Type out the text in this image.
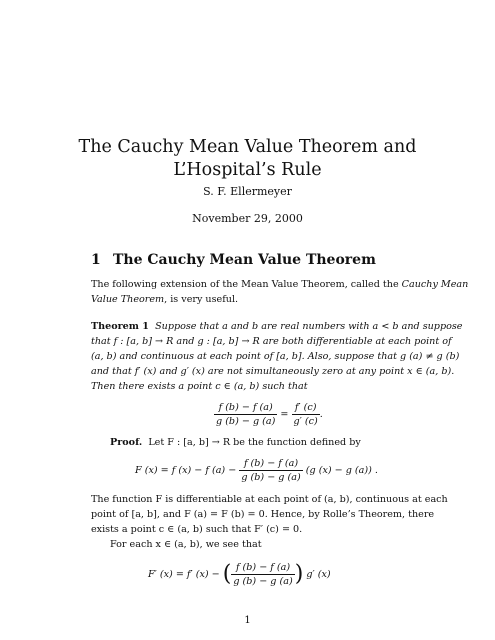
The Cauchy Mean Value Theorem and
L’Hospital’s Rule
S. F. Ellermeyer
November 29, 2000
1 The Cauchy Mean Value Theorem
The following extension of the Mean Value Theorem, called the Cauchy Mean
Value Theorem, is very useful.
Theorem 1 Suppose that a and b are real numbers with a < b and suppose
that f : [a, b] → R and g : [a, b] → R are both differentiable at each point of
(a, b) and continuous at each point of [a, b]. Also, suppose that g (a) ≠ g (b)
and that f′ (x) and g′ (x) are not simultaneously zero at any point x ∈ (a, b).
Then there exists a point c ∈ (a, b) such that
$\frac{f (b) - f (a)}{g (b) - g (a)} = \frac{f' (c)}{g' (c)}$ .
Proof. Let F : [a, b] → R be the function defined by
F (x) = f (x) − f $(a) - \frac{f (b) - f (a)}{g (b) - g (a)} (g$ (x) − g (a)) .
The function F is differentiable at each point of (a, b), continuous at each
point of [a, b], and F (a) = F (b) = 0. Hence, by Rolle’s Theorem, there
exists a point c ∈ (a, b) such that F′ (c) = 0.
For each x ∈ (a, b), we see that
F′ (x) = f′ (x) − ( $\frac{f (b) - f (a)}{g (b) - g (a)}$ ) g′ (x)
1
